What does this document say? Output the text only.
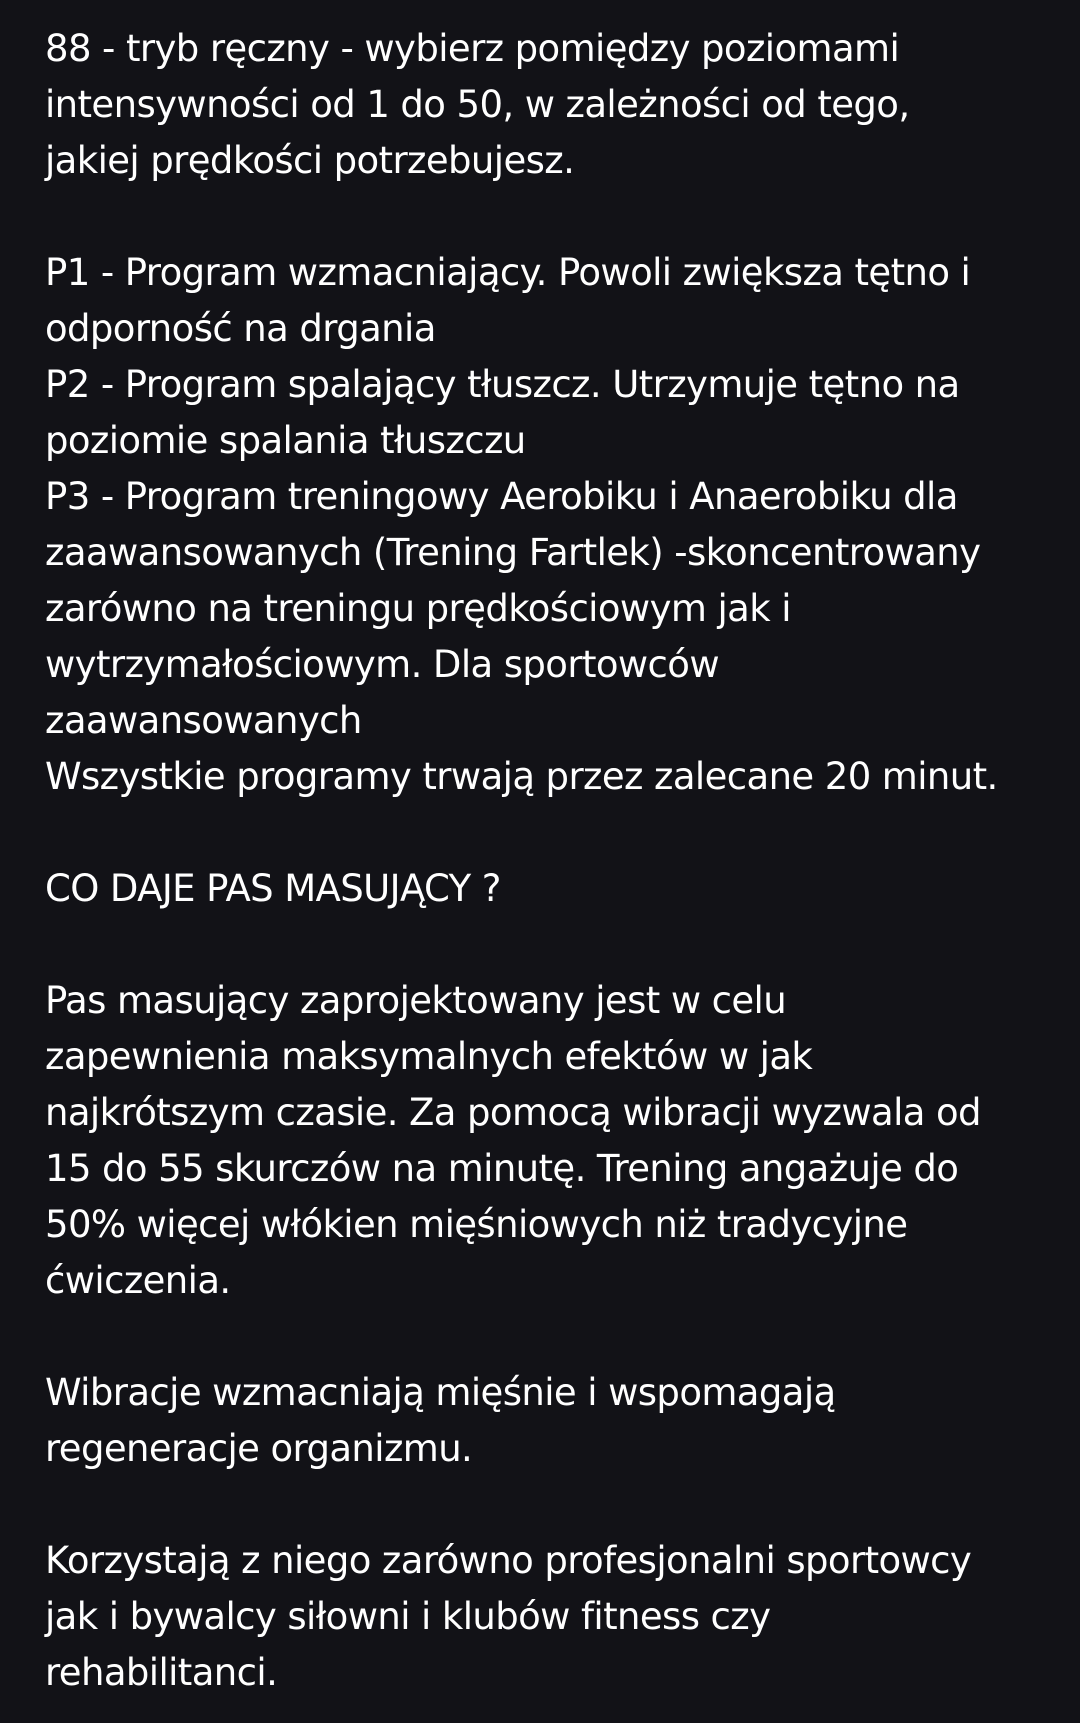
88 - tryb ręczny - wybierz pomiędzy poziomami
intensywności od 1 do 50, w zależności od tego,
jakiej prędkości potrzebujesz.

P1 - Program wzmacniający. Powoli zwiększa tętno i
odporność na drgania
P2 - Program spalający tłuszcz. Utrzymuje tętno na
poziomie spalania tłuszczu
P3 - Program treningowy Aerobiku i Anaerobiku dla
zaawansowanych (Trening Fartlek) -skoncentrowany
zarówno na treningu prędkościowym jak i
wytrzymałościowym. Dla sportowców
zaawansowanych
Wszystkie programy trwają przez zalecane 20 minut.

CO DAJE PAS MASUJĄCY ?

Pas masujący zaprojektowany jest w celu
zapewnienia maksymalnych efektów w jak
najkrótszym czasie. Za pomocą wibracji wyzwala od
15 do 55 skurczów na minutę. Trening angażuje do
50% więcej włókien mięśniowych niż tradycyjne
ćwiczenia.

Wibracje wzmacniają mięśnie i wspomagają
regeneracje organizmu.

Korzystają z niego zarówno profesjonalni sportowcy
jak i bywalcy siłowni i klubów fitness czy
rehabilitanci.
